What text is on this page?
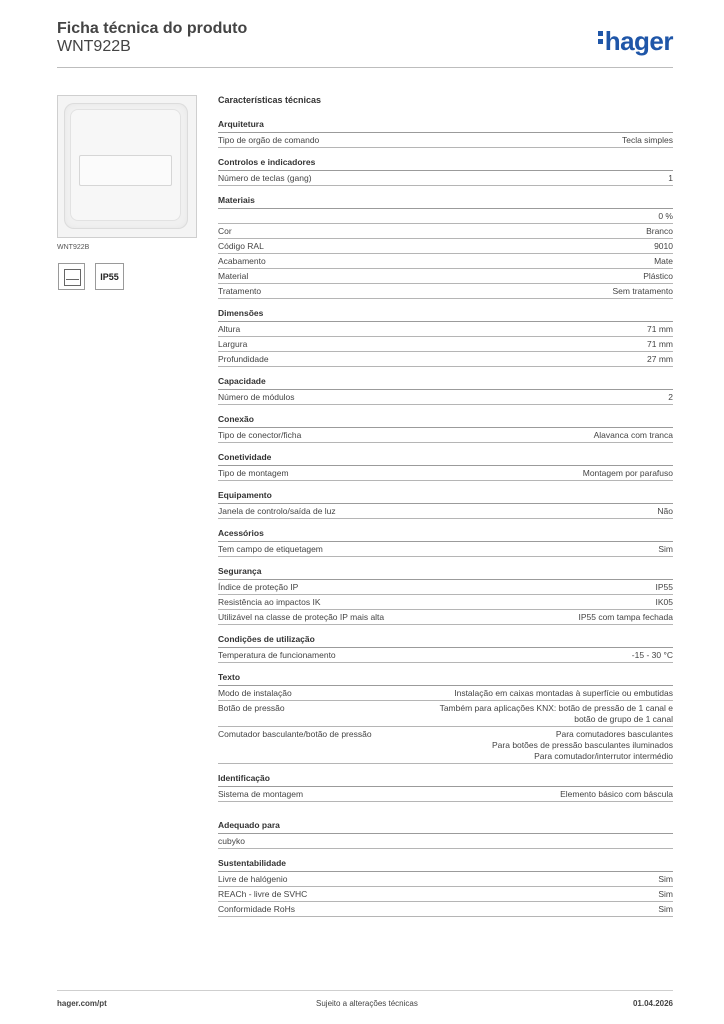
Ficha técnica do produto
WNT922B	hager
WNT922B
IP55
Características técnicas
Arquitetura
Tipo de orgão de comando	Tecla simples
Controlos e indicadores
Número de teclas (gang)	1
Materiais
0 %
Cor	Branco
Código RAL	9010
Acabamento	Mate
Material	Plástico
Tratamento	Sem tratamento
Dimensões
Altura	71 mm
Largura	71 mm
Profundidade	27 mm
Capacidade
Número de módulos	2
Conexão
Tipo de conector/ficha	Alavanca com tranca
Conetividade
Tipo de montagem	Montagem por parafuso
Equipamento
Janela de controlo/saída de luz	Não
Acessórios
Tem campo de etiquetagem	Sim
Segurança
Índice de proteção IP	IP55
Resistência ao impactos IK	IK05
Utilizável na classe de proteção IP mais alta	IP55 com tampa fechada
Condições de utilização
Temperatura de funcionamento	-15 - 30 °C
Texto
Modo de instalação	Instalação em caixas montadas à superfície ou embutidas
Botão de pressão	Também para aplicações KNX: botão de pressão de 1 canal e
botão de grupo de 1 canal
Comutador basculante/botão de pressão	Para comutadores basculantes
Para botões de pressão basculantes iluminados
Para comutador/interrutor intermédio
Identificação
Sistema de montagem	Elemento básico com báscula
Adequado para
cubyko
Sustentabilidade
Livre de halógenio	Sim
REACh - livre de SVHC	Sim
Conformidade RoHs	Sim
hager.com/pt	Sujeito a alterações técnicas	01.04.2026
